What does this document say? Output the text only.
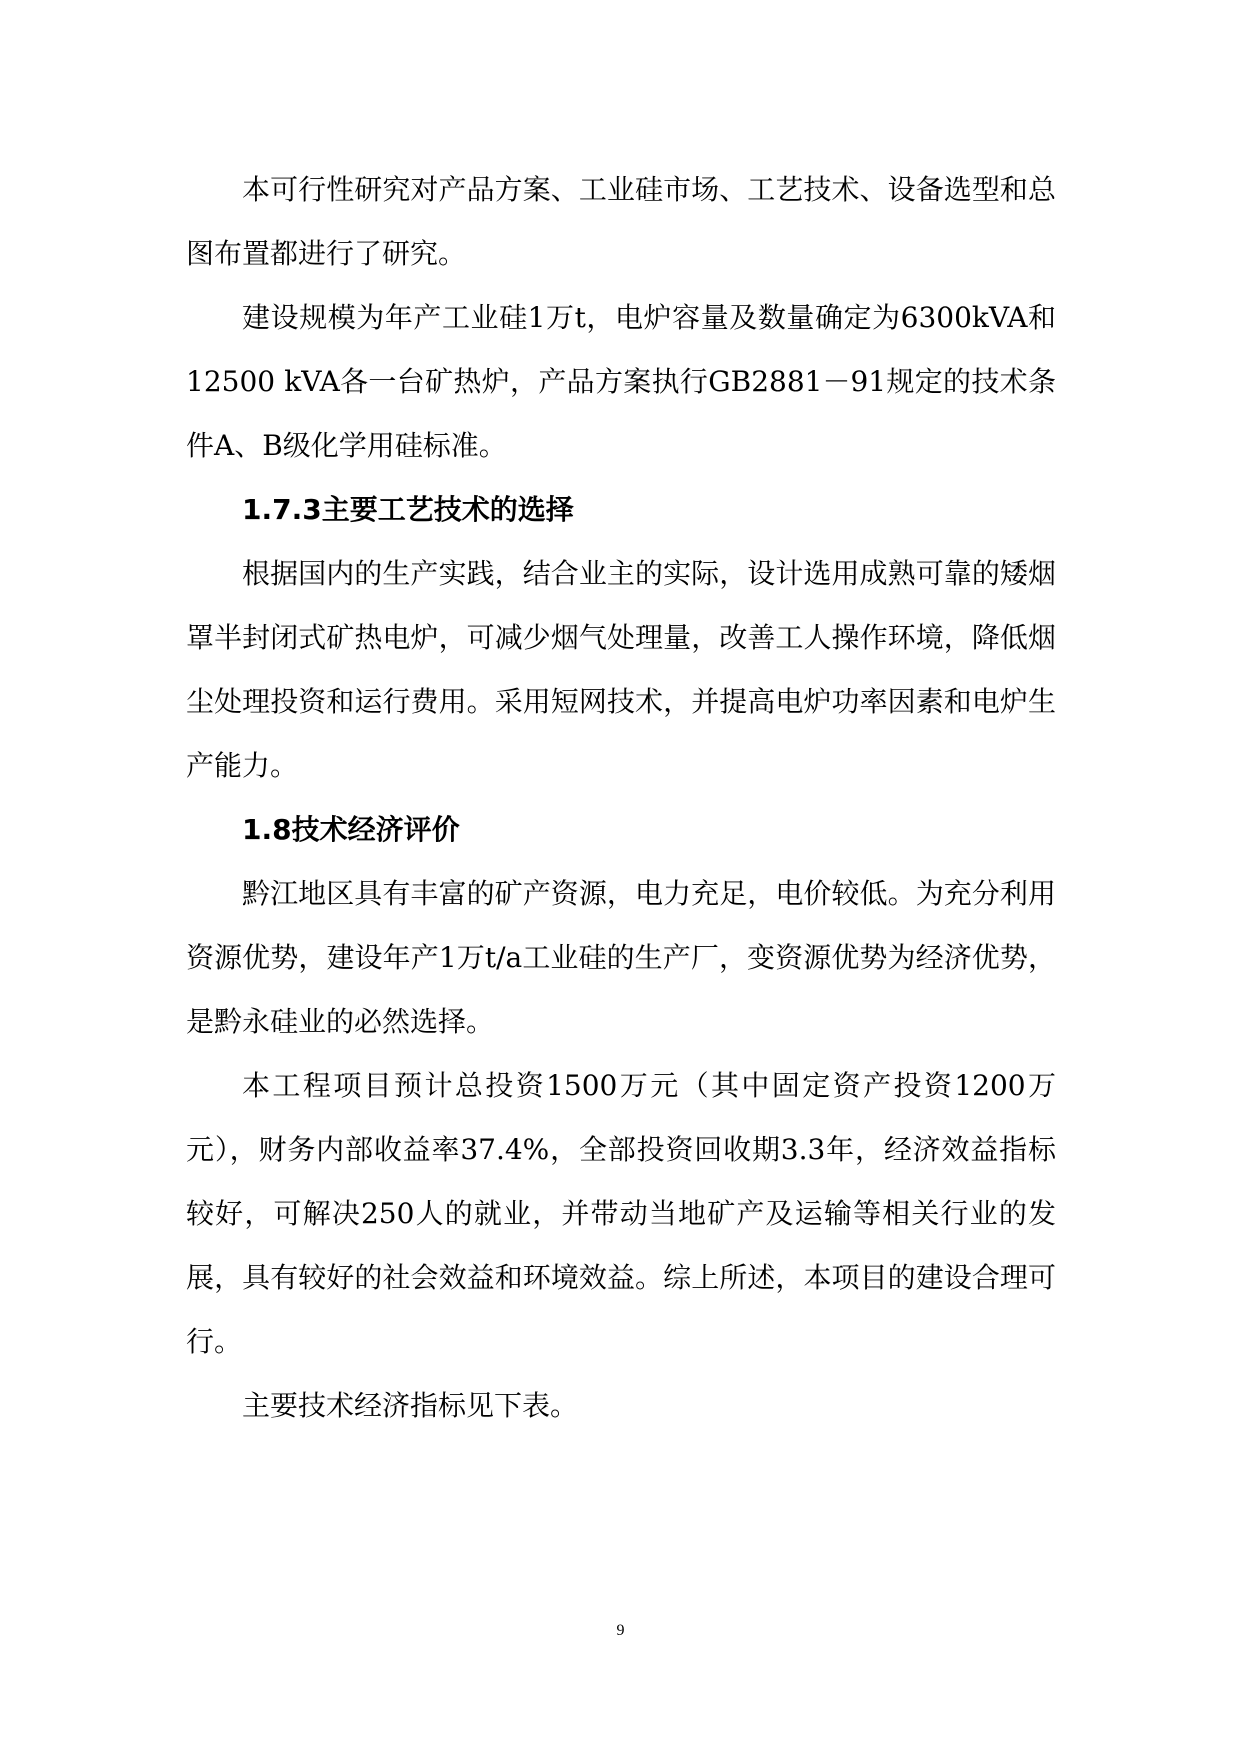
本可行性研究对产品方案、工业硅市场、工艺技术、设备选型和总图布置都进行了研究。

建设规模为年产工业硅1万t，电炉容量及数量确定为6300kVA和12500 kVA各一台矿热炉，产品方案执行GB2881－91规定的技术条件A、B级化学用硅标准。

1.7.3主要工艺技术的选择

根据国内的生产实践，结合业主的实际，设计选用成熟可靠的矮烟罩半封闭式矿热电炉，可减少烟气处理量，改善工人操作环境，降低烟尘处理投资和运行费用。采用短网技术，并提高电炉功率因素和电炉生产能力。

1.8技术经济评价

黔江地区具有丰富的矿产资源，电力充足，电价较低。为充分利用资源优势，建设年产1万t/a工业硅的生产厂，变资源优势为经济优势，是黔永硅业的必然选择。

本工程项目预计总投资1500万元（其中固定资产投资1200万元），财务内部收益率37.4%，全部投资回收期3.3年，经济效益指标较好，可解决250人的就业，并带动当地矿产及运输等相关行业的发展，具有较好的社会效益和环境效益。综上所述，本项目的建设合理可行。

主要技术经济指标见下表。

9
